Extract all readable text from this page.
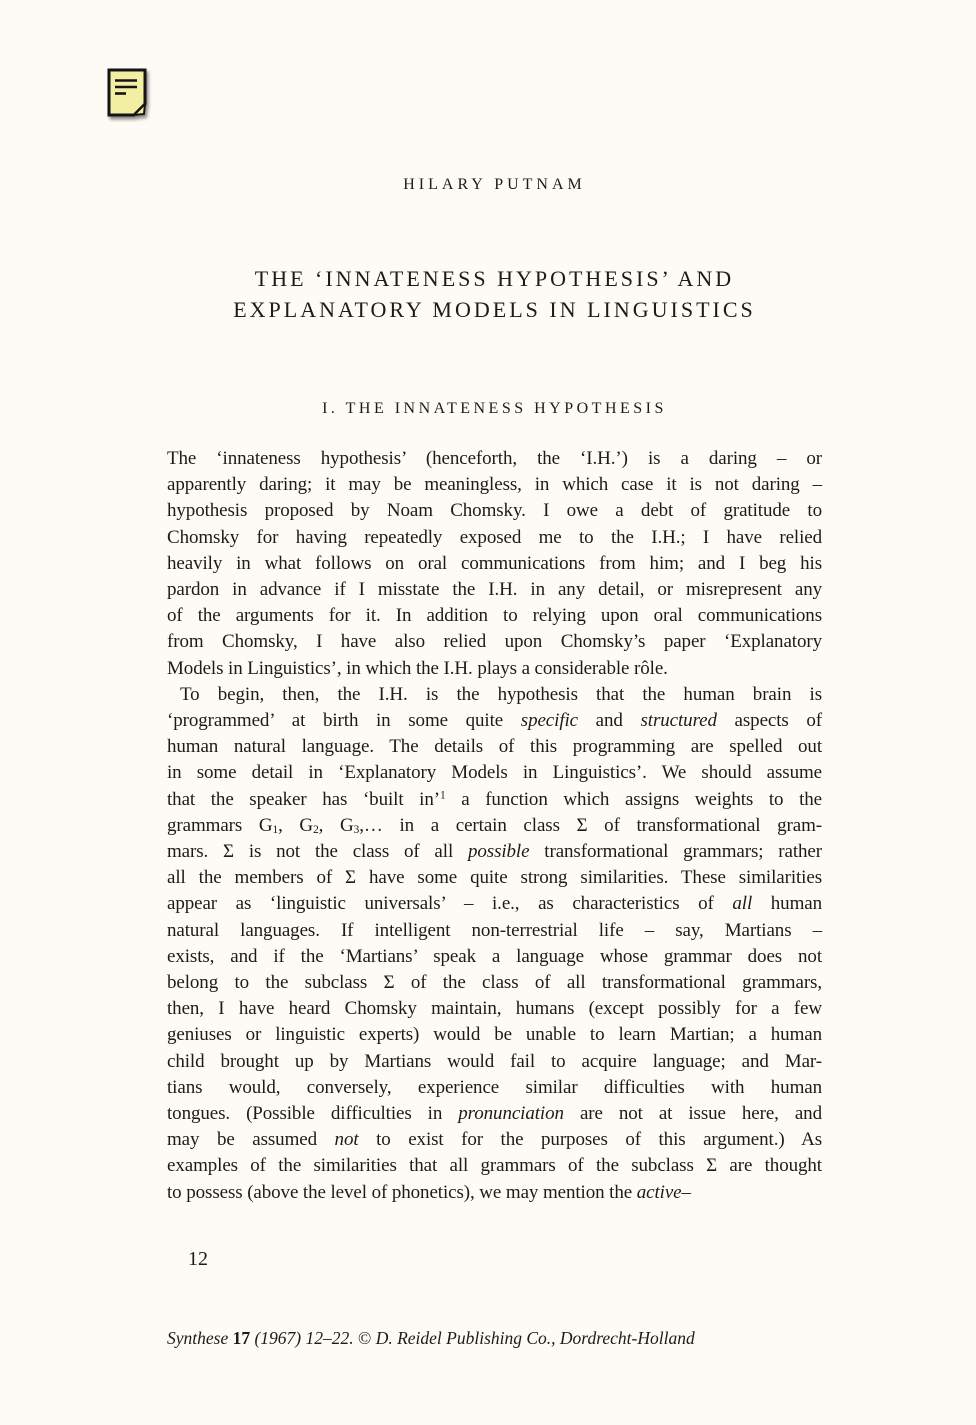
HILARY PUTNAM
THE ‘INNATENESS HYPOTHESIS’ AND
EXPLANATORY MODELS IN LINGUISTICS
I. THE INNATENESS HYPOTHESIS
The ‘innateness hypothesis’ (henceforth, the ‘I.H.’) is a daring – or
apparently daring; it may be meaningless, in which case it is not daring –
hypothesis proposed by Noam Chomsky. I owe a debt of gratitude to
Chomsky for having repeatedly exposed me to the I.H.; I have relied
heavily in what follows on oral communications from him; and I beg his
pardon in advance if I misstate the I.H. in any detail, or misrepresent any
of the arguments for it. In addition to relying upon oral communications
from Chomsky, I have also relied upon Chomsky’s paper ‘Explanatory
Models in Linguistics’, in which the I.H. plays a considerable rôle.
To begin, then, the I.H. is the hypothesis that the human brain is
‘programmed’ at birth in some quite specific and structured aspects of
human natural language. The details of this programming are spelled out
in some detail in ‘Explanatory Models in Linguistics’. We should assume
that the speaker has ‘built in’$^1$ a function which assigns weights to the
grammars $G_1$, $G_2$, $G_3,\dots$ in a certain class Σ of transformational gram-
mars. Σ is not the class of all possible transformational grammars; rather
all the members of Σ have some quite strong similarities. These similarities
appear as ‘linguistic universals’ – i.e., as characteristics of all human
natural languages. If intelligent non-terrestrial life – say, Martians –
exists, and if the ‘Martians’ speak a language whose grammar does not
belong to the subclass Σ of the class of all transformational grammars,
then, I have heard Chomsky maintain, humans (except possibly for a few
geniuses or linguistic experts) would be unable to learn Martian; a human
child brought up by Martians would fail to acquire language; and Mar-
tians would, conversely, experience similar difficulties with human
tongues. (Possible difficulties in pronunciation are not at issue here, and
may be assumed not to exist for the purposes of this argument.) As
examples of the similarities that all grammars of the subclass Σ are thought
to possess (above the level of phonetics), we may mention the active–
12
Synthese 17 (1967) 12–22. © D. Reidel Publishing Co., Dordrecht-Holland
